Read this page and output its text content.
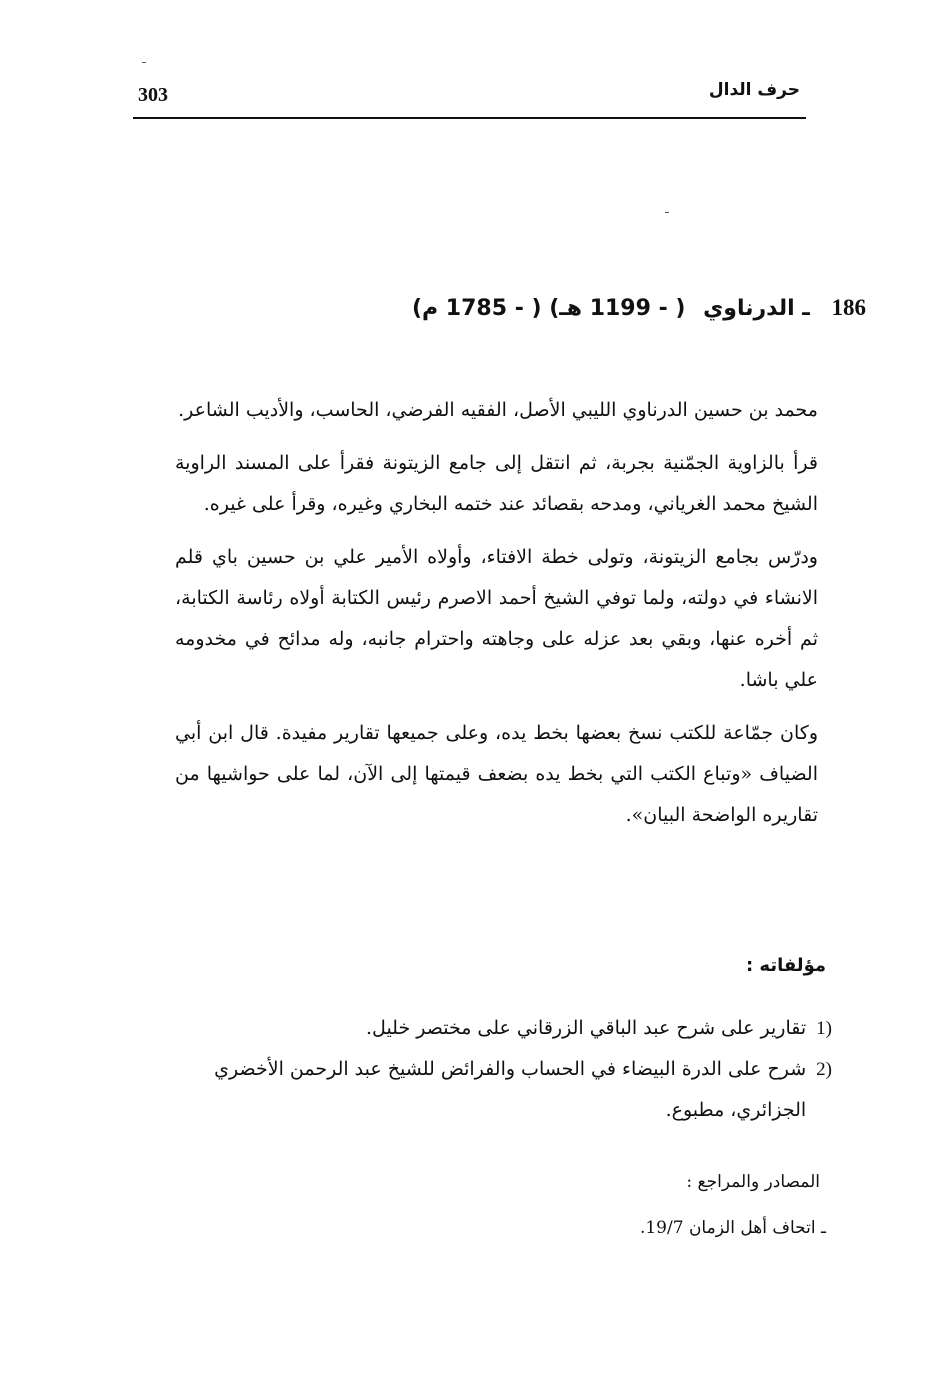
303	حرف الدال
186 ـ الدرناوي ( - 1199 هـ) ( - 1785 م)

محمد بن حسين الدرناوي الليبي الأصل، الفقيه الفرضي، الحاسب، والأديب الشاعر.

قرأ بالزاوية الجمّنية بجربة، ثم انتقل إلى جامع الزيتونة فقرأ على المسند الراوية الشيخ محمد الغرياني، ومدحه بقصائد عند ختمه البخاري وغيره، وقرأ على غيره.

ودرّس بجامع الزيتونة، وتولى خطة الافتاء، وأولاه الأمير علي بن حسين باي قلم الانشاء في دولته، ولما توفي الشيخ أحمد الاصرم رئيس الكتابة أولاه رئاسة الكتابة، ثم أخره عنها، وبقي بعد عزله على وجاهته واحترام جانبه، وله مدائح في مخدومه علي باشا.

وكان جمّاعة للكتب نسخ بعضها بخط يده، وعلى جميعها تقارير مفيدة. قال ابن أبي الضياف «وتباع الكتب التي بخط يده بضعف قيمتها إلى الآن، لما على حواشيها من تقاريره الواضحة البيان».

مؤلفاته :
1)
تقارير على شرح عبد الباقي الزرقاني على مختصر خليل.
2)
شرح على الدرة البيضاء في الحساب والفرائض للشيخ عبد الرحمن الأخضري الجزائري، مطبوع.
المصادر والمراجع :
ـ اتحاف أهل الزمان 19/7.
